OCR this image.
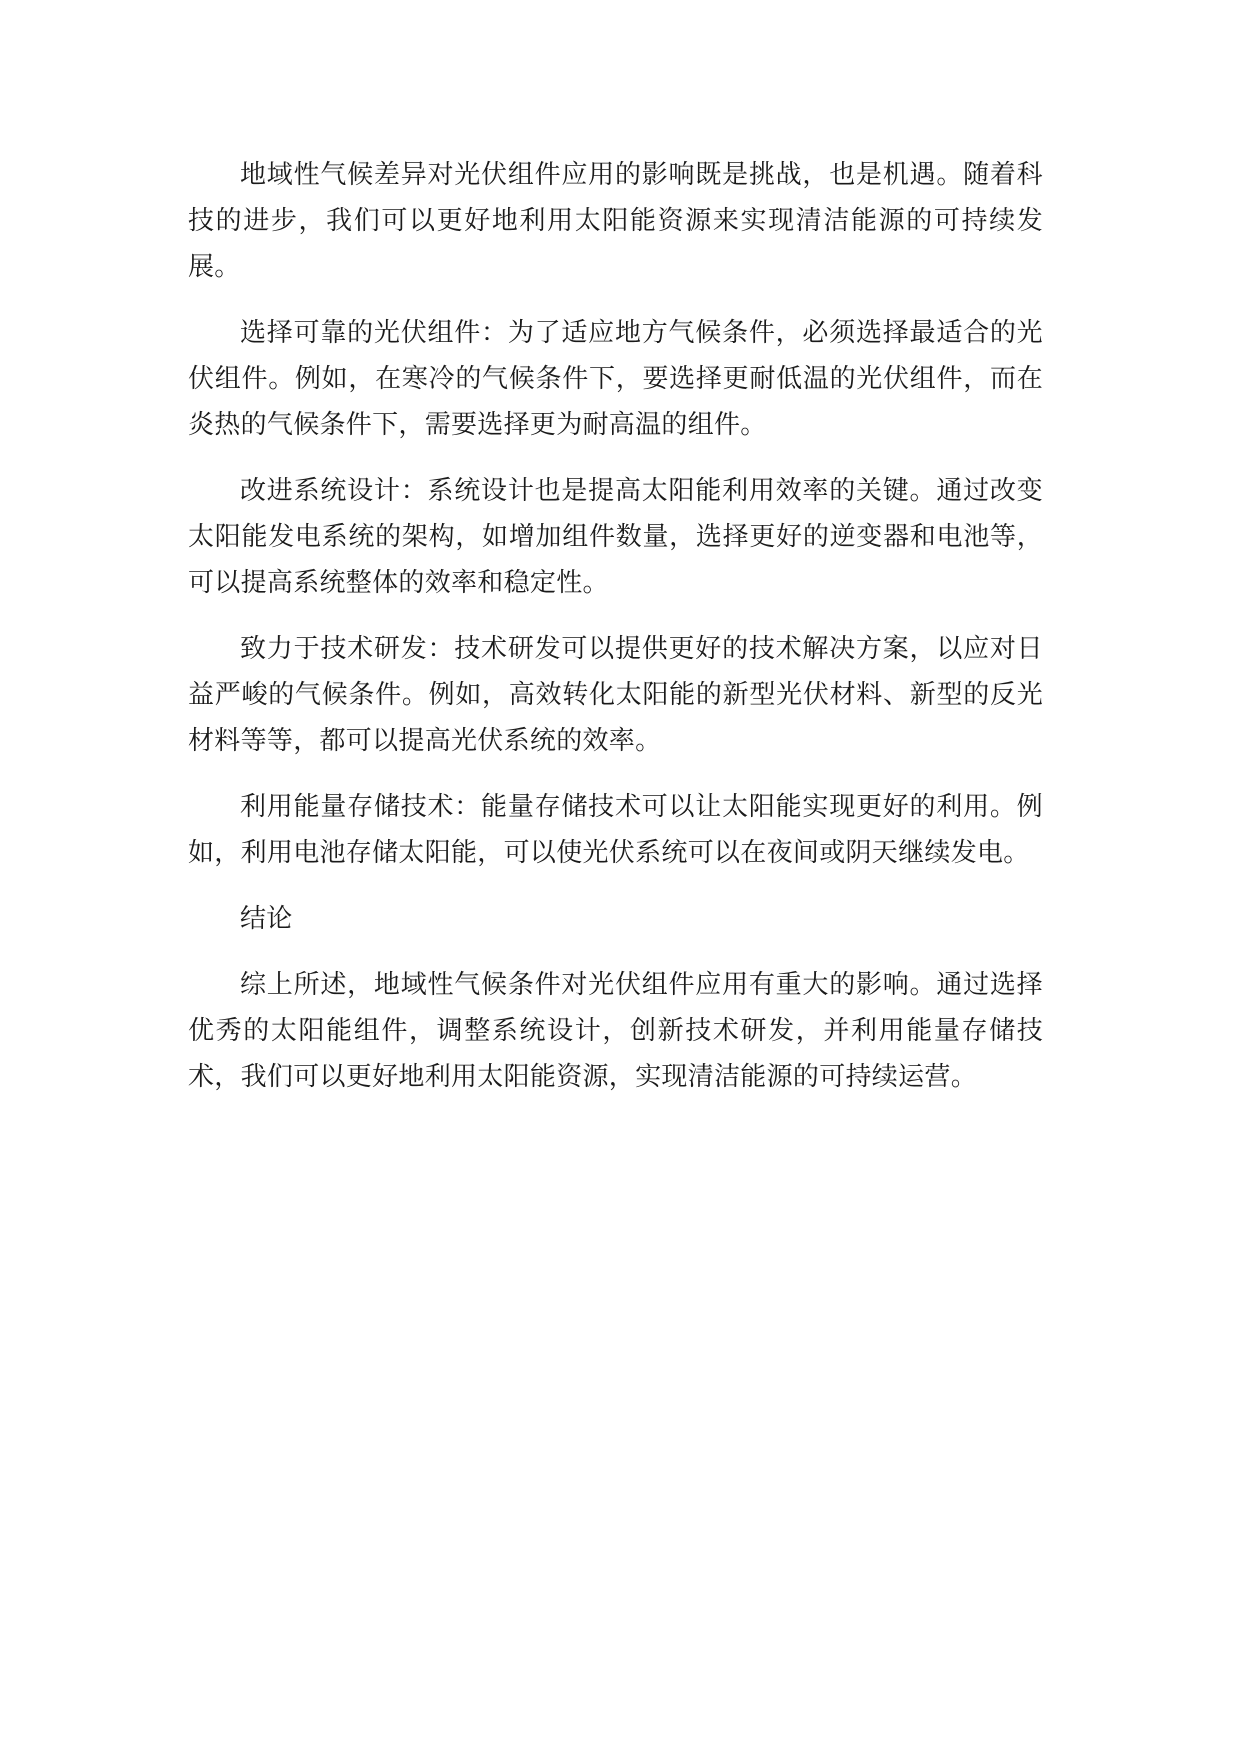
地域性气候差异对光伏组件应用的影响既是挑战，也是机遇。随着科技的进步，我们可以更好地利用太阳能资源来实现清洁能源的可持续发展。

选择可靠的光伏组件：为了适应地方气候条件，必须选择最适合的光伏组件。例如，在寒冷的气候条件下，要选择更耐低温的光伏组件，而在炎热的气候条件下，需要选择更为耐高温的组件。

改进系统设计：系统设计也是提高太阳能利用效率的关键。通过改变太阳能发电系统的架构，如增加组件数量，选择更好的逆变器和电池等，可以提高系统整体的效率和稳定性。

致力于技术研发：技术研发可以提供更好的技术解决方案，以应对日益严峻的气候条件。例如，高效转化太阳能的新型光伏材料、新型的反光材料等等，都可以提高光伏系统的效率。

利用能量存储技术：能量存储技术可以让太阳能实现更好的利用。例如，利用电池存储太阳能，可以使光伏系统可以在夜间或阴天继续发电。

结论

综上所述，地域性气候条件对光伏组件应用有重大的影响。通过选择优秀的太阳能组件，调整系统设计，创新技术研发，并利用能量存储技术，我们可以更好地利用太阳能资源，实现清洁能源的可持续运营。
